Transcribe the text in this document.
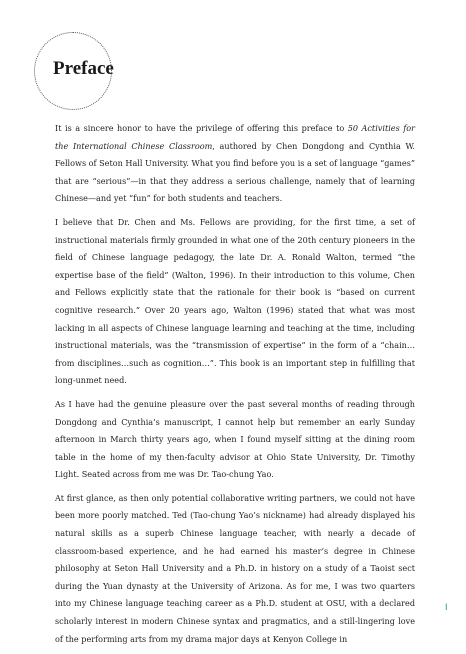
Preface

It is a sincere honor to have the privilege of offering this preface to 50 Activities for the International Chinese Classroom, authored by Chen Dongdong and Cynthia W. Fellows of Seton Hall University. What you find before you is a set of language “games” that are “serious”—in that they address a serious challenge, namely that of learning Chinese—and yet “fun” for both students and teachers.

I believe that Dr. Chen and Ms. Fellows are providing, for the first time, a set of instructional materials firmly grounded in what one of the 20th century pioneers in the field of Chinese language pedagogy, the late Dr. A. Ronald Walton, termed “the expertise base of the field” (Walton, 1996). In their introduction to this volume, Chen and Fellows explicitly state that the rationale for their book is “based on current cognitive research.” Over 20 years ago, Walton (1996) stated that what was most lacking in all aspects of Chinese language learning and teaching at the time, including instructional materials, was the “transmission of expertise” in the form of a “chain… from disciplines…such as cognition…”. This book is an important step in fulfilling that long-unmet need.

As I have had the genuine pleasure over the past several months of reading through Dongdong and Cynthia’s manuscript, I cannot help but remember an early Sunday afternoon in March thirty years ago, when I found myself sitting at the dining room table in the home of my then-faculty advisor at Ohio State University, Dr. Timothy Light. Seated across from me was Dr. Tao-chung Yao.

At first glance, as then only potential collaborative writing partners, we could not have been more poorly matched. Ted (Tao-chung Yao’s nickname) had already displayed his natural skills as a superb Chinese language teacher, with nearly a decade of classroom-based experience, and he had earned his master’s degree in Chinese philosophy at Seton Hall University and a Ph.D. in history on a study of a Taoist sect during the Yuan dynasty at the University of Arizona. As for me, I was two quarters into my Chinese language teaching career as a Ph.D. student at OSU, with a declared scholarly interest in modern Chinese syntax and pragmatics, and a still-lingering love of the performing arts from my drama major days at Kenyon College in

I
